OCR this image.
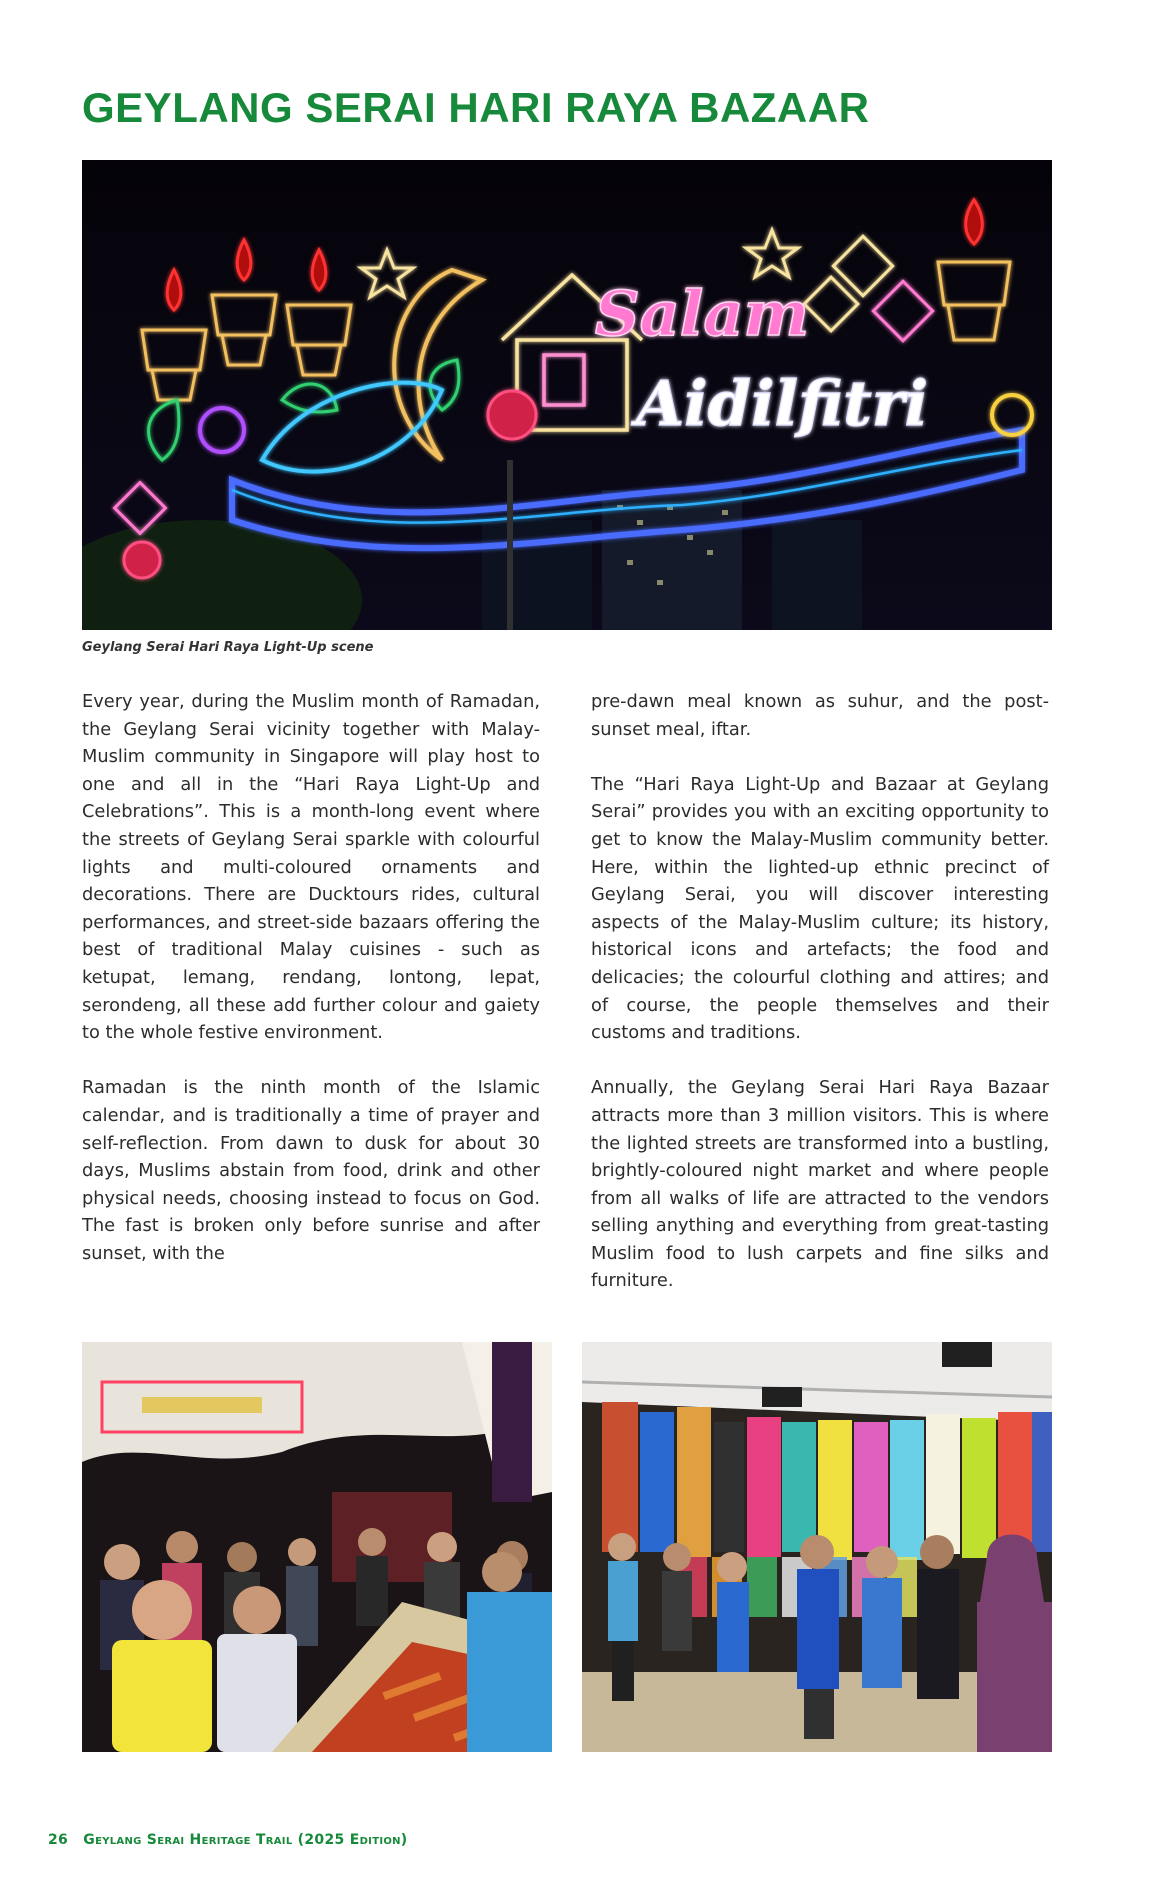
GEYLANG SERAI HARI RAYA BAZAAR
Salam
Aidilfitri
Geylang Serai Hari Raya Light-Up scene

Every year, during the Muslim month of Ramadan, the Geylang Serai vicinity together with Malay-Muslim community in Singapore will play host to one and all in the “Hari Raya Light-Up and Celebrations”. This is a month-long event where the streets of Geylang Serai sparkle with colourful lights and multi-coloured ornaments and decorations. There are Ducktours rides, cultural performances, and street-side bazaars offering the best of traditional Malay cuisines - such as ketupat, lemang, rendang, lontong, lepat, serondeng, all these add further colour and gaiety to the whole festive environment.

Ramadan is the ninth month of the Islamic calendar, and is traditionally a time of prayer and self-reflection. From dawn to dusk for about 30 days, Muslims abstain from food, drink and other physical needs, choosing instead to focus on God. The fast is broken only before sunrise and after sunset, with the

pre-dawn meal known as suhur, and the post-sunset meal, iftar.

The “Hari Raya Light-Up and Bazaar at Geylang Serai” provides you with an exciting opportunity to get to know the Malay-Muslim community better. Here, within the lighted-up ethnic precinct of Geylang Serai, you will discover interesting aspects of the Malay-Muslim culture; its history, historical icons and artefacts; the food and delicacies; the colourful clothing and attires; and of course, the people themselves and their customs and traditions.

Annually, the Geylang Serai Hari Raya Bazaar attracts more than 3 million visitors. This is where the lighted streets are transformed into a bustling, brightly-coloured night market and where people from all walks of life are attracted to the vendors selling anything and everything from great-tasting Muslim food to lush carpets and fine silks and furniture.

26 Geylang Serai Heritage Trail (2025 Edition)
